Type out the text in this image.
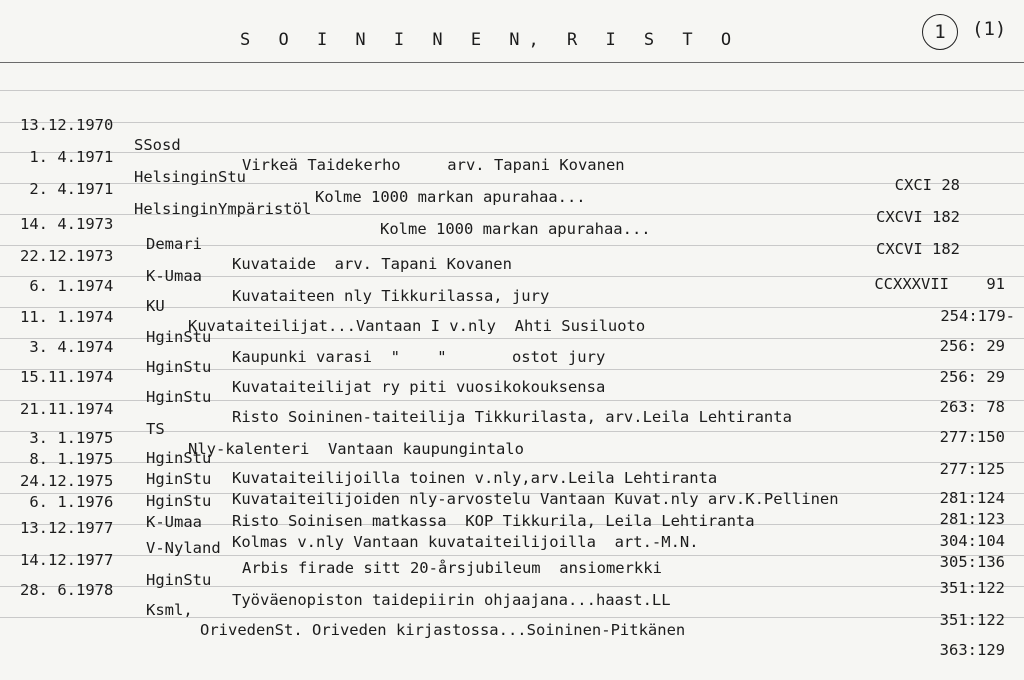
S O I N I N E N, R I S T O	1	(1)

13.12.1970

SSosd

Virkeä Taidekerho     arv. Tapani Kovanen

CXCI 28

1. 4.1971

HelsinginStu

Kolme 1000 markan apurahaa...

CXCVI 182

2. 4.1971

HelsinginYmpäristöl

Kolme 1000 markan apurahaa...

CXCVI 182

14. 4.1973

Demari

Kuvataide  arv. Tapani Kovanen

CCXXXVII    91

22.12.1973

K-Umaa

Kuvataiteen nly Tikkurilassa, jury

254:179-

6. 1.1974

KU

Kuvataiteilijat...Vantaan I v.nly  Ahti Susiluoto

256: 29

11. 1.1974

HginStu

Kaupunki varasi  "    "       ostot jury

256: 29

3. 4.1974

HginStu

Kuvataiteilijat ry piti vuosikokouksensa

263: 78

15.11.1974

HginStu

Risto Soininen-taiteilija Tikkurilasta, arv.Leila Lehtiranta

277:150

21.11.1974

TS

Nly-kalenteri  Vantaan kaupungintalo

277:125

3. 1.1975

HginStu

Kuvataiteilijoilla toinen v.nly,arv.Leila Lehtiranta

281:124

8. 1.1975

HginStu

Kuvataiteilijoiden nly-arvostelu Vantaan Kuvat.nly arv.K.Pellinen

281:123

24.12.1975

HginStu

Risto Soinisen matkassa  KOP Tikkurila, Leila Lehtiranta

304:104

6. 1.1976

K-Umaa

Kolmas v.nly Vantaan kuvataiteilijoilla  art.-M.N.

305:136

13.12.1977

V-Nyland

Arbis firade sitt 20-årsjubileum  ansiomerkki

351:122

14.12.1977

HginStu

Työväenopiston taidepiirin ohjaajana...haast.LL

351:122

28. 6.1978

Ksml,

OrivedenSt. Oriveden kirjastossa...Soininen-Pitkänen

363:129
